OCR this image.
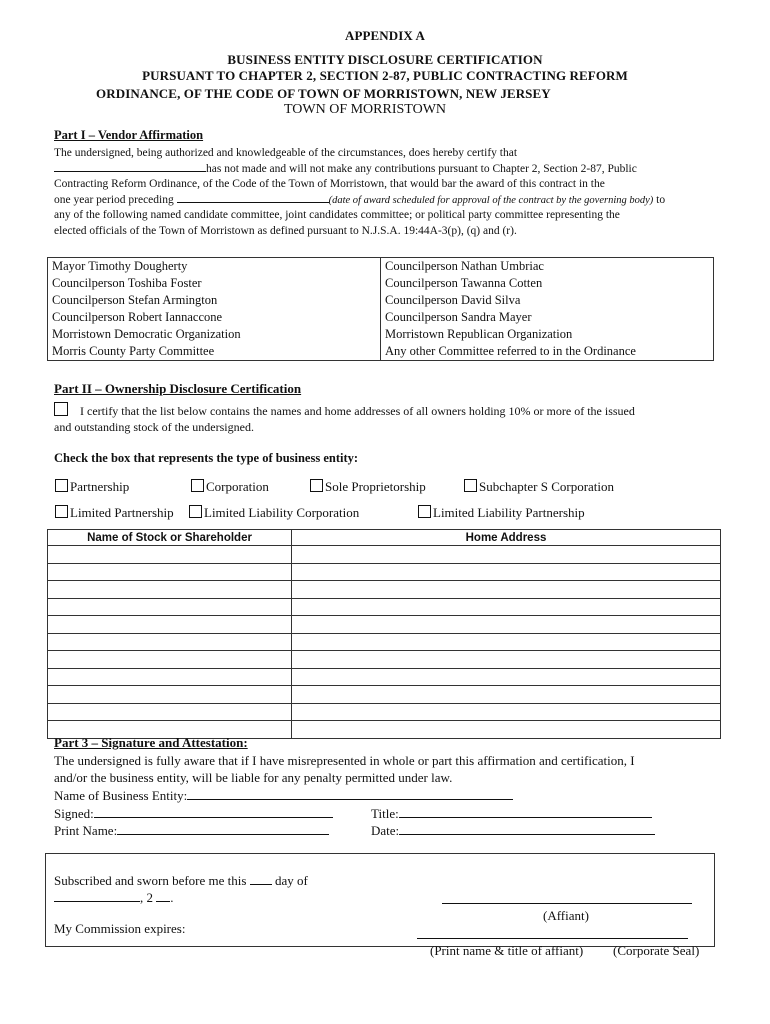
APPENDIX A
BUSINESS ENTITY DISCLOSURE CERTIFICATION
PURSUANT TO CHAPTER 2, SECTION 2-87, PUBLIC CONTRACTING REFORM
ORDINANCE, OF THE CODE OF TOWN OF MORRISTOWN, NEW JERSEY
TOWN OF MORRISTOWN
Part I – Vendor Affirmation
The undersigned, being authorized and knowledgeable of the circumstances, does hereby certify that
has not made and will not make any contributions pursuant to Chapter 2, Section 2-87, Public
Contracting Reform Ordinance, of the Code of the Town of Morristown, that would bar the award of this contract in the
one year period preceding	(date of award scheduled for approval of the contract by the governing body) to
any of the following named candidate committee, joint candidates committee; or political party committee representing the
elected officials of the Town of Morristown as defined pursuant to N.J.S.A. 19:44A-3(p), (q) and (r).
Mayor Timothy Dougherty	Councilperson Nathan Umbriac
Councilperson Toshiba Foster	Councilperson Tawanna Cotten
Councilperson Stefan Armington	Councilperson David Silva
Councilperson Robert Iannaccone	Councilperson Sandra Mayer
Morristown Democratic Organization	Morristown Republican Organization
Morris County Party Committee	Any other Committee referred to in the Ordinance
Part II – Ownership Disclosure Certification
I certify that the list below contains the names and home addresses of all owners holding 10% or more of the issued
and outstanding stock of the undersigned.
Check the box that represents the type of business entity:
Partnership	Corporation	Sole Proprietorship	Subchapter S Corporation
Limited Partnership	Limited Liability Corporation	Limited Liability Partnership
Name of Stock or Shareholder	Home Address

Part 3 – Signature and Attestation:
The undersigned is fully aware that if I have misrepresented in whole or part this affirmation and certification, I
and/or the business entity, will be liable for any penalty permitted under law.
Name of Business Entity:
Signed:	Title:
Print Name:	Date:
Subscribed and sworn before me this day of
, 2 .
My Commission expires:
(Affiant)
(Print name & title of affiant) (Corporate Seal)
